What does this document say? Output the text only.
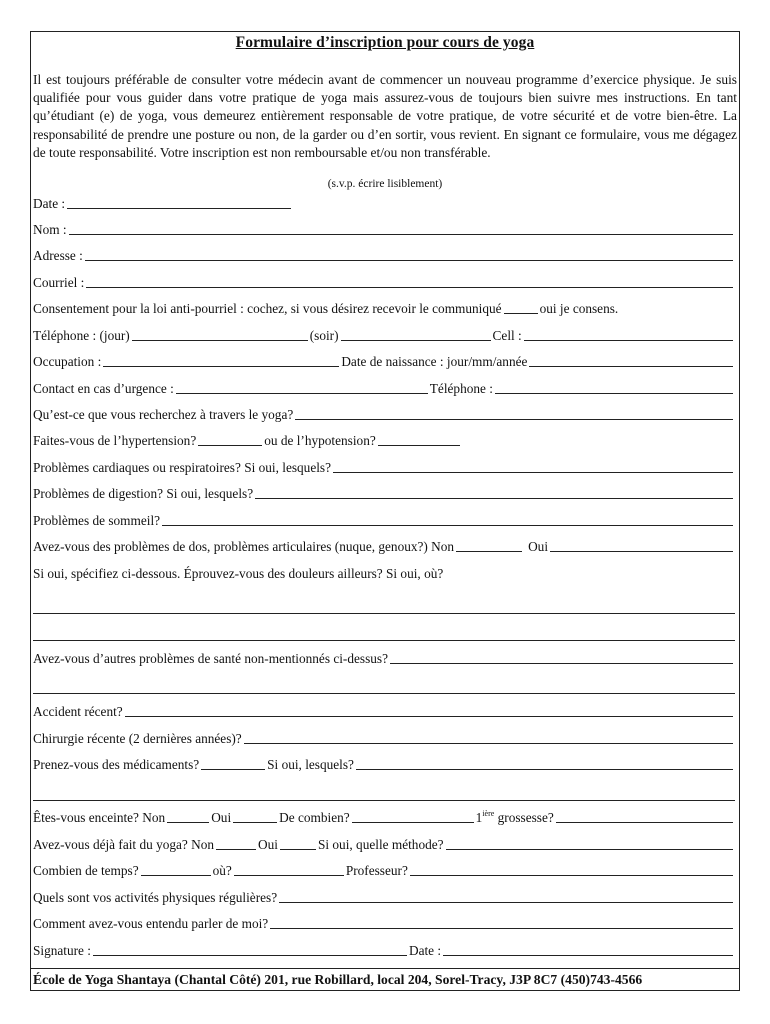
Formulaire d’inscription pour cours de yoga
Il est toujours préférable de consulter votre médecin avant de commencer un nouveau programme d’exercice physique. Je suis qualifiée pour vous guider dans votre pratique de yoga mais assurez-vous de toujours bien suivre mes instructions. En tant qu’étudiant (e) de yoga, vous demeurez entièrement responsable de votre pratique, de votre sécurité et de votre bien-être. La responsabilité de prendre une posture ou non, de la garder ou d’en sortir, vous revient. En signant ce formulaire, vous me dégagez de toute responsabilité. Votre inscription est non remboursable et/ou non transférable.
(s.v.p. écrire lisiblement)
Date :
Nom :
Adresse :
Courriel :
Consentement pour la loi anti-pourriel : cochez, si vous désirez recevoir le communiqué	oui je consens.
Téléphone : (jour)	(soir)	Cell :
Occupation :	Date de naissance : jour/mm/année
Contact en cas d’urgence :	Téléphone :
Qu’est-ce que vous recherchez à travers le yoga?
Faites-vous de l’hypertension?	ou de l’hypotension?
Problèmes cardiaques ou respiratoires? Si oui, lesquels?
Problèmes de digestion? Si oui, lesquels?
Problèmes de sommeil?
Avez-vous des problèmes de dos, problèmes articulaires (nuque, genoux?) Non	Oui
Si oui, spécifiez ci-dessous. Éprouvez-vous des douleurs ailleurs? Si oui, où?
Avez-vous d’autres problèmes de santé non-mentionnés ci-dessus?
Accident récent?
Chirurgie récente (2 dernières années)?
Prenez-vous des médicaments?	Si oui, lesquels?
Êtes-vous enceinte? Non	Oui	De combien?	$1^{ière}$ grossesse?
Avez-vous déjà fait du yoga? Non	Oui	Si oui, quelle méthode?
Combien de temps?	où?	Professeur?
Quels sont vos activités physiques régulières?
Comment avez-vous entendu parler de moi?
Signature :	Date :
École de Yoga Shantaya (Chantal Côté) 201, rue Robillard, local 204, Sorel-Tracy, J3P 8C7 (450)743-4566
